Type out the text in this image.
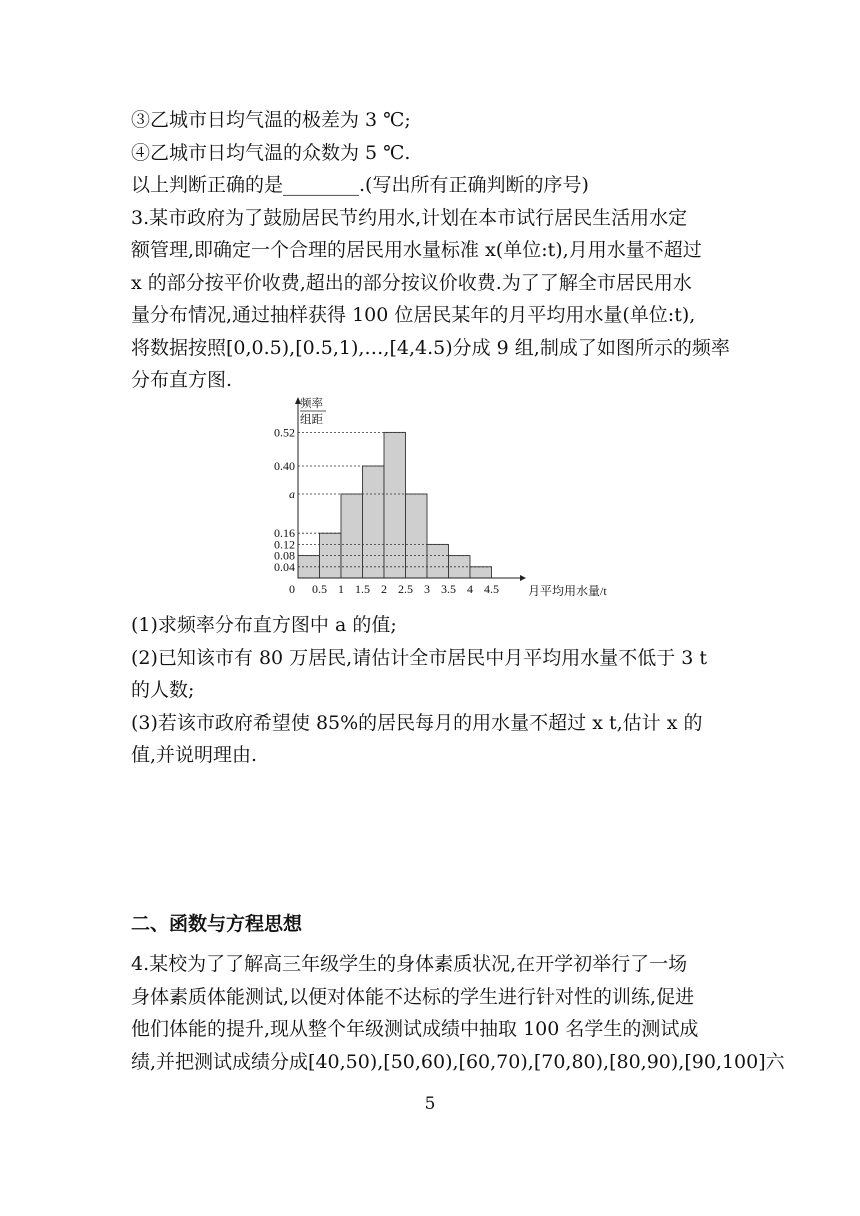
③乙城市日均气温的极差为 3 ℃;
④乙城市日均气温的众数为 5 ℃.
以上判断正确的是________.(写出所有正确判断的序号)
3.某市政府为了鼓励居民节约用水,计划在本市试行居民生活用水定
额管理,即确定一个合理的居民用水量标准 x(单位:t),月用水量不超过
x 的部分按平价收费,超出的部分按议价收费.为了了解全市居民用水
量分布情况,通过抽样获得 100 位居民某年的月平均用水量(单位:t),
将数据按照[0,0.5),[0.5,1),…,[4,4.5)分成 9 组,制成了如图所示的频率
分布直方图.
0.04
0.08
0.12
0.16
a
0.40
0.52
0 0.5 1 1.5 2 2.5 3 3.5 4 4.5
频率
组距
月平均用水量/t
(1)求频率分布直方图中 a 的值;
(2)已知该市有 80 万居民,请估计全市居民中月平均用水量不低于 3 t
的人数;
(3)若该市政府希望使 85%的居民每月的用水量不超过 x t,估计 x 的
值,并说明理由.
二、函数与方程思想
4.某校为了了解高三年级学生的身体素质状况,在开学初举行了一场
身体素质体能测试,以便对体能不达标的学生进行针对性的训练,促进
他们体能的提升,现从整个年级测试成绩中抽取 100 名学生的测试成
绩,并把测试成绩分成[40,50),[50,60),[60,70),[70,80),[80,90),[90,100]六
5
